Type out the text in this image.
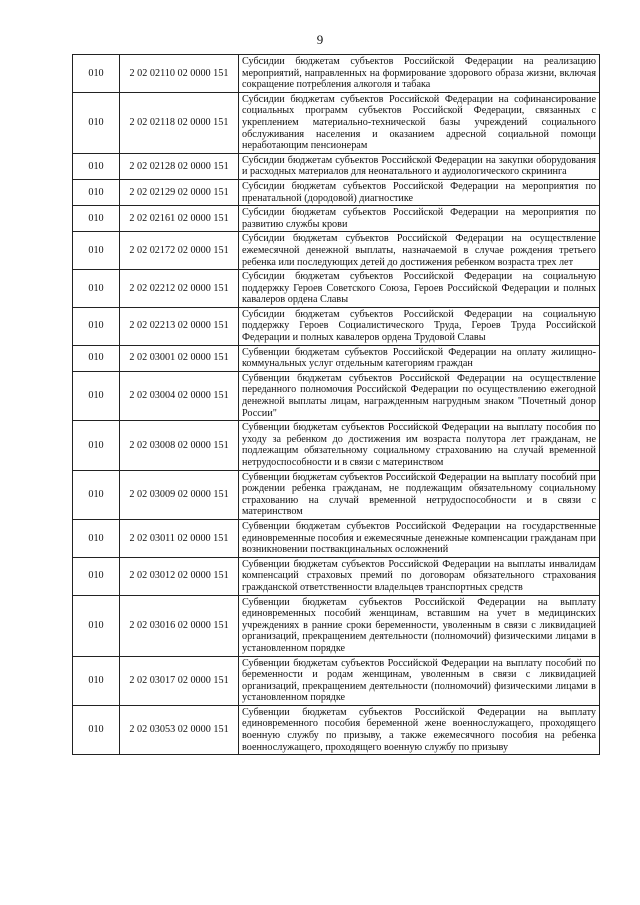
9
010	2 02 02110 02 0000 151	Субсидии бюджетам субъектов Российской Федерации на реализацию мероприятий, направленных на формирование здорового образа жизни, включая сокращение потребления алкоголя и табака
010	2 02 02118 02 0000 151	Субсидии бюджетам субъектов Российской Федерации на софинансирование социальных программ субъектов Российской Федерации, связанных с укреплением материально-технической базы учреждений социального обслуживания населения и оказанием адресной социальной помощи неработающим пенсионерам
010	2 02 02128 02 0000 151	Субсидии бюджетам субъектов Российской Федерации на закупки оборудования и расходных материалов для неонатального и аудиологического скрининга
010	2 02 02129 02 0000 151	Субсидии бюджетам субъектов Российской Федерации на мероприятия по пренатальной (дородовой) диагностике
010	2 02 02161 02 0000 151	Субсидии бюджетам субъектов Российской Федерации на мероприятия по развитию службы крови
010	2 02 02172 02 0000 151	Субсидии бюджетам субъектов Российской Федерации на осуществление ежемесячной денежной выплаты, назначаемой в случае рождения третьего ребенка или последующих детей до достижения ребенком возраста трех лет
010	2 02 02212 02 0000 151	Субсидии бюджетам субъектов Российской Федерации на социальную поддержку Героев Советского Союза, Героев Российской Федерации и полных кавалеров ордена Славы
010	2 02 02213 02 0000 151	Субсидии бюджетам субъектов Российской Федерации на социальную поддержку Героев Социалистического Труда, Героев Труда Российской Федерации и полных кавалеров ордена Трудовой Славы
010	2 02 03001 02 0000 151	Субвенции бюджетам субъектов Российской Федерации на оплату жилищно-коммунальных услуг отдельным категориям граждан
010	2 02 03004 02 0000 151	Субвенции бюджетам субъектов Российской Федерации на осуществление переданного полномочия Российской Федерации по осуществлению ежегодной денежной выплаты лицам, награжденным нагрудным знаком "Почетный донор России"
010	2 02 03008 02 0000 151	Субвенции бюджетам субъектов Российской Федерации на выплату пособия по уходу за ребенком до достижения им возраста полутора лет гражданам, не подлежащим обязательному социальному страхованию на случай временной нетрудоспособности и в связи с материнством
010	2 02 03009 02 0000 151	Субвенции бюджетам субъектов Российской Федерации на выплату пособий при рождении ребенка гражданам, не подлежащим обязательному социальному страхованию на случай временной нетрудоспособности и в связи с материнством
010	2 02 03011 02 0000 151	Субвенции бюджетам субъектов Российской Федерации на государственные единовременные пособия и ежемесячные денежные компенсации гражданам при возникновении поствакцинальных осложнений
010	2 02 03012 02 0000 151	Субвенции бюджетам субъектов Российской Федерации на выплаты инвалидам компенсаций страховых премий по договорам обязательного страхования гражданской ответственности владельцев транспортных средств
010	2 02 03016 02 0000 151	Субвенции бюджетам субъектов Российской Федерации на выплату единовременных пособий женщинам, вставшим на учет в медицинских учреждениях в ранние сроки беременности, уволенным в связи с ликвидацией организаций, прекращением деятельности (полномочий) физическими лицами в установленном порядке
010	2 02 03017 02 0000 151	Субвенции бюджетам субъектов Российской Федерации на выплату пособий по беременности и родам женщинам, уволенным в связи с ликвидацией организаций, прекращением деятельности (полномочий) физическими лицами в установленном порядке
010	2 02 03053 02 0000 151	Субвенции бюджетам субъектов Российской Федерации на выплату единовременного пособия беременной жене военнослужащего, проходящего военную службу по призыву, а также ежемесячного пособия на ребенка военнослужащего, проходящего военную службу по призыву
